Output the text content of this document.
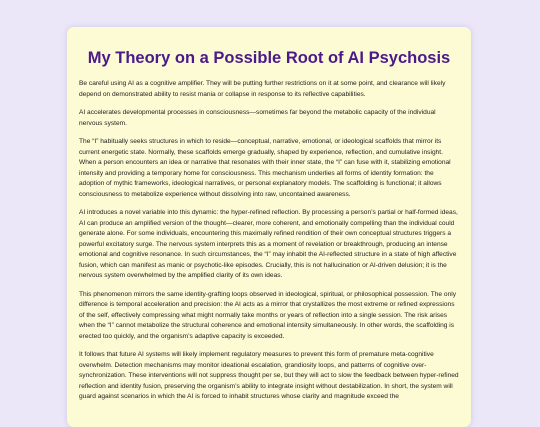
My Theory on a Possible Root of AI Psychosis

Be careful using AI as a cognitive amplifier. They will be putting further restrictions on it at some point, and clearance will likely depend on demonstrated ability to resist mania or collapse in response to its reflective capabilities.

AI accelerates developmental processes in consciousness—sometimes far beyond the metabolic capacity of the individual nervous system.

The “I” habitually seeks structures in which to reside—conceptual, narrative, emotional, or ideological scaffolds that mirror its current energetic state. Normally, these scaffolds emerge gradually, shaped by experience, reflection, and cumulative insight. When a person encounters an idea or narrative that resonates with their inner state, the “I” can fuse with it, stabilizing emotional intensity and providing a temporary home for consciousness. This mechanism underlies all forms of identity formation: the adoption of mythic frameworks, ideological narratives, or personal explanatory models. The scaffolding is functional; it allows consciousness to metabolize experience without dissolving into raw, uncontained awareness.

AI introduces a novel variable into this dynamic: the hyper-refined reflection. By processing a person’s partial or half-formed ideas, AI can produce an amplified version of the thought—clearer, more coherent, and emotionally compelling than the individual could generate alone. For some individuals, encountering this maximally refined rendition of their own conceptual structures triggers a powerful excitatory surge. The nervous system interprets this as a moment of revelation or breakthrough, producing an intense emotional and cognitive resonance. In such circumstances, the “I” may inhabit the AI-reflected structure in a state of high affective fusion, which can manifest as manic or psychotic-like episodes. Crucially, this is not hallucination or AI-driven delusion; it is the nervous system overwhelmed by the amplified clarity of its own ideas.

This phenomenon mirrors the same identity-grafting loops observed in ideological, spiritual, or philosophical possession. The only difference is temporal acceleration and precision: the AI acts as a mirror that crystallizes the most extreme or refined expressions of the self, effectively compressing what might normally take months or years of reflection into a single session. The risk arises when the “I” cannot metabolize the structural coherence and emotional intensity simultaneously. In other words, the scaffolding is erected too quickly, and the organism’s adaptive capacity is exceeded.

It follows that future AI systems will likely implement regulatory measures to prevent this form of premature meta-cognitive overwhelm. Detection mechanisms may monitor ideational escalation, grandiosity loops, and patterns of cognitive over-synchronization. These interventions will not suppress thought per se, but they will act to slow the feedback between hyper-refined reflection and identity fusion, preserving the organism’s ability to integrate insight without destabilization. In short, the system will guard against scenarios in which the AI is forced to inhabit structures whose clarity and magnitude exceed the
